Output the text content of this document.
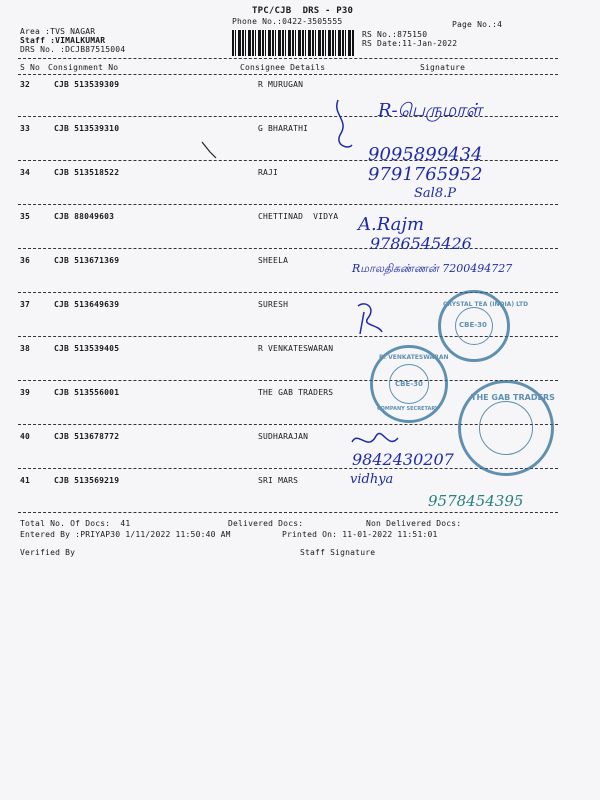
TPC/CJB  DRS - P30
Phone No.:0422-3505555	Page No.:4
Area :TVS NAGAR
Staff :VIMALKUMAR
DRS No. :DCJB87515004
RS No.:875150
RS Date:11-Jan-2022
S No Consignment No	Consignee Details	Signature
32	CJB 513539309	R MURUGAN
33	CJB 513539310	G BHARATHI
34	CJB 513518522	RAJI
35	CJB 88049603	CHETTINAD  VIDYA
36	CJB 513671369	SHEELA
37	CJB 513649639	SURESH
38	CJB 513539405	R VENKATESWARAN
39	CJB 513556001	THE GAB TRADERS
40	CJB 513678772	SUDHARAJAN
41	CJB 513569219	SRI MARS
R-பெருமாள்
9095899434
9791765952
Sal8.P
A.Rajm
9786545426
Rமாலதிகண்ணன் 7200494727
9842430207
vidhya
9578454395
CRYSTAL TEA (INDIA) LTD
CBE-30
R. VENKATESWARAN
CBE-30
COMPANY SECRETARY
THE GAB TRADERS
Total No. Of Docs:  41	Delivered Docs:	Non Delivered Docs:
Entered By :PRIYAP30 1/11/2022 11:50:40 AM	Printed On: 11-01-2022 11:51:01
Verified By	Staff Signature
